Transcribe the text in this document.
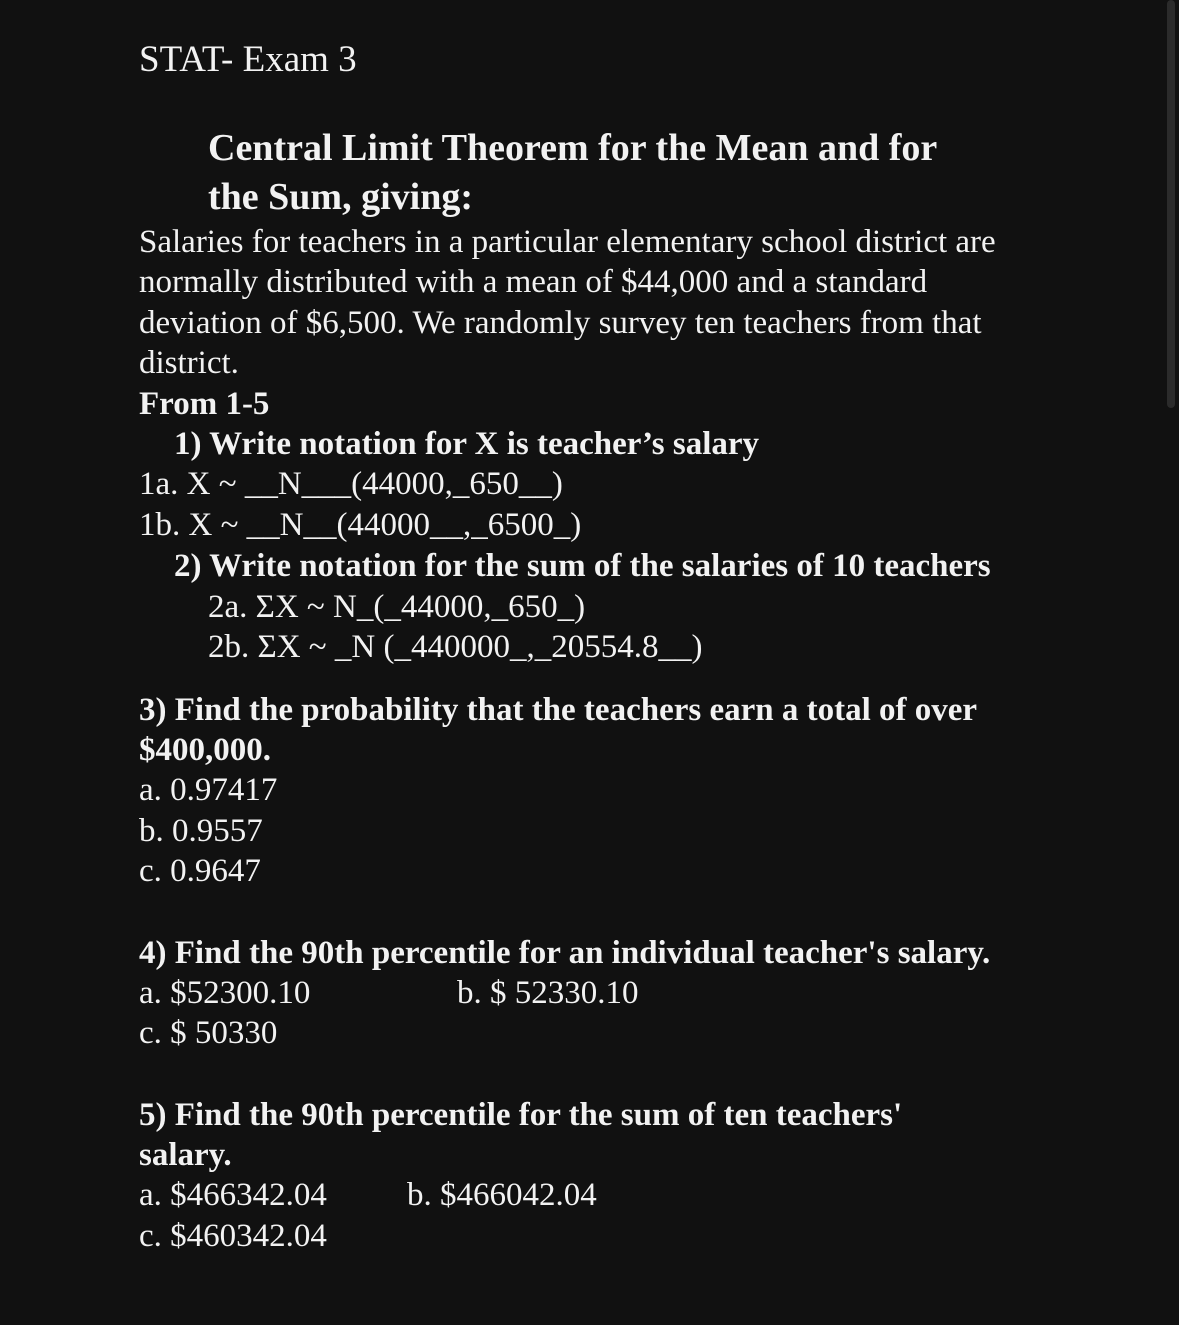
STAT- Exam 3
Central Limit Theorem for the Mean and for
the Sum, giving:
Salaries for teachers in a particular elementary school district are
normally distributed with a mean of $44,000 and a standard
deviation of $6,500. We randomly survey ten teachers from that
district.
From 1-5
1) Write notation for X is teacher’s salary
1a. X ~ __N___(44000,_650__)
1b. X ~ __N__(44000__,_6500_)
2) Write notation for the sum of the salaries of 10 teachers
2a. ΣX ~ N_(_44000,_650_)
2b. ΣX ~ _N (_440000_,_20554.8__)
3) Find the probability that the teachers earn a total of over
$400,000.
a. 0.97417
b. 0.9557
c. 0.9647
4) Find the 90th percentile for an individual teacher's salary.
a. $52300.10	b. $ 52330.10
c. $ 50330
5) Find the 90th percentile for the sum of ten teachers'
salary.
a. $466342.04 b. $466042.04
c. $460342.04
